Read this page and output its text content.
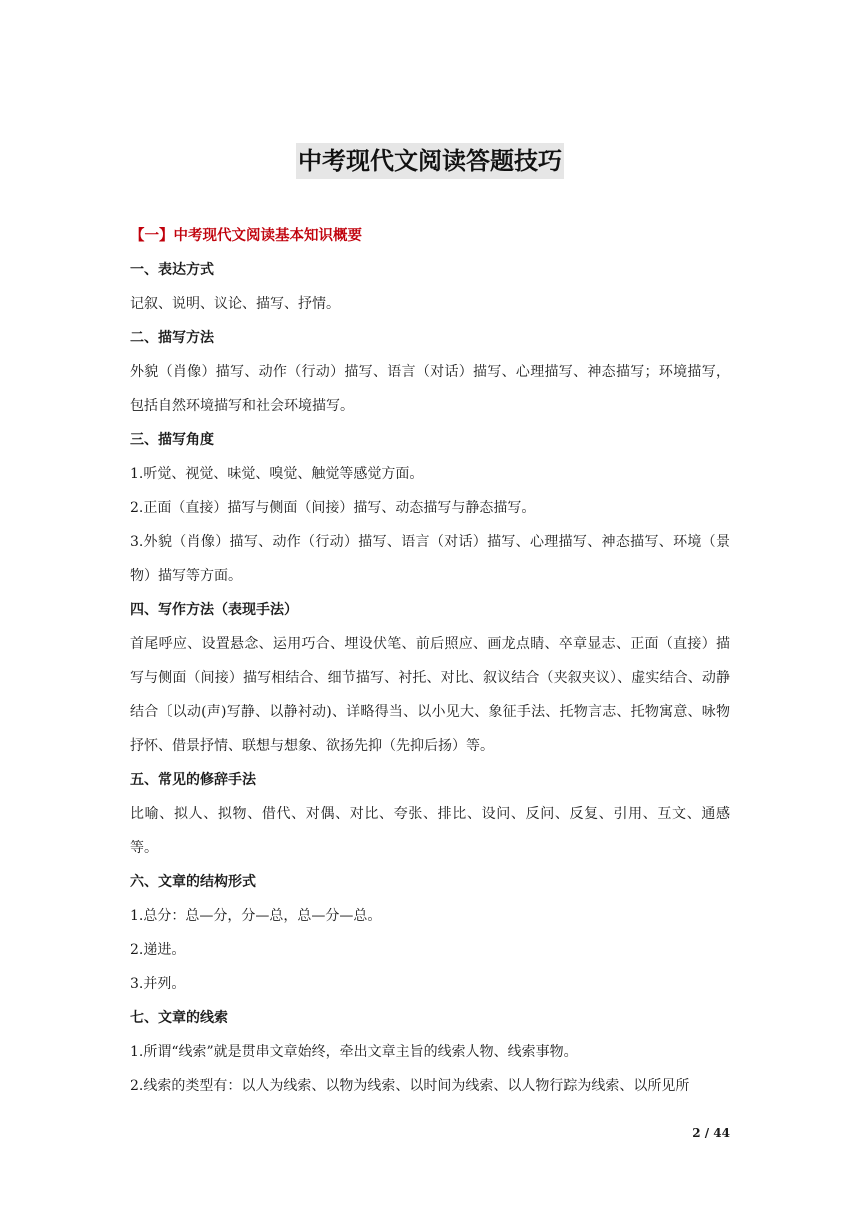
中考现代文阅读答题技巧
【一】中考现代文阅读基本知识概要
一、表达方式
记叙、说明、议论、描写、抒情。
二、描写方法
外貌（肖像）描写、动作（行动）描写、语言（对话）描写、心理描写、神态描写；环境描写，包括自然环境描写和社会环境描写。
三、描写角度
1.听觉、视觉、味觉、嗅觉、触觉等感觉方面。
2.正面（直接）描写与侧面（间接）描写、动态描写与静态描写。
3.外貌（肖像）描写、动作（行动）描写、语言（对话）描写、心理描写、神态描写、环境（景物）描写等方面。
四、写作方法（表现手法）
首尾呼应、设置悬念、运用巧合、埋设伏笔、前后照应、画龙点睛、卒章显志、正面（直接）描写与侧面（间接）描写相结合、细节描写、衬托、对比、叙议结合（夹叙夹议）、虚实结合、动静结合〔以动(声)写静、以静衬动)、详略得当、以小见大、象征手法、托物言志、托物寓意、咏物抒怀、借景抒情、联想与想象、欲扬先抑（先抑后扬）等。
五、常见的修辞手法
比喻、拟人、拟物、借代、对偶、对比、夸张、排比、设问、反问、反复、引用、互文、通感等。
六、文章的结构形式
1.总分：总—分，分—总，总—分—总。
2.递进。
3.并列。
七、文章的线索
1.所谓“线索”就是贯串文章始终，牵出文章主旨的线索人物、线索事物。
2.线索的类型有：以人为线索、以物为线索、以时间为线索、以人物行踪为线索、以所见所
2 / 44
